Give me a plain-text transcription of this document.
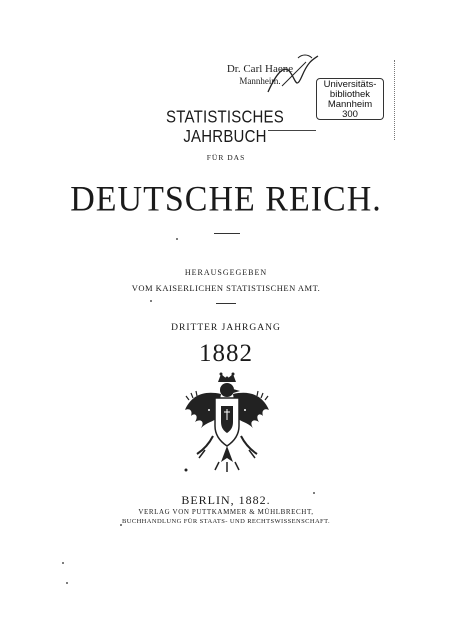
Dr. Carl Haene
Mannheim.	Universitäts-
bibliothek
Mannheim
300
STATISTISCHES JAHRBUCH
FÜR DAS
DEUTSCHE REICH.
HERAUSGEGEBEN
VOM KAISERLICHEN STATISTISCHEN AMT.
DRITTER JAHRGANG
1882
BERLIN, 1882.
VERLAG VON PUTTKAMMER & MÜHLBRECHT,
BUCHHANDLUNG FÜR STAATS- UND RECHTSWISSENSCHAFT.
